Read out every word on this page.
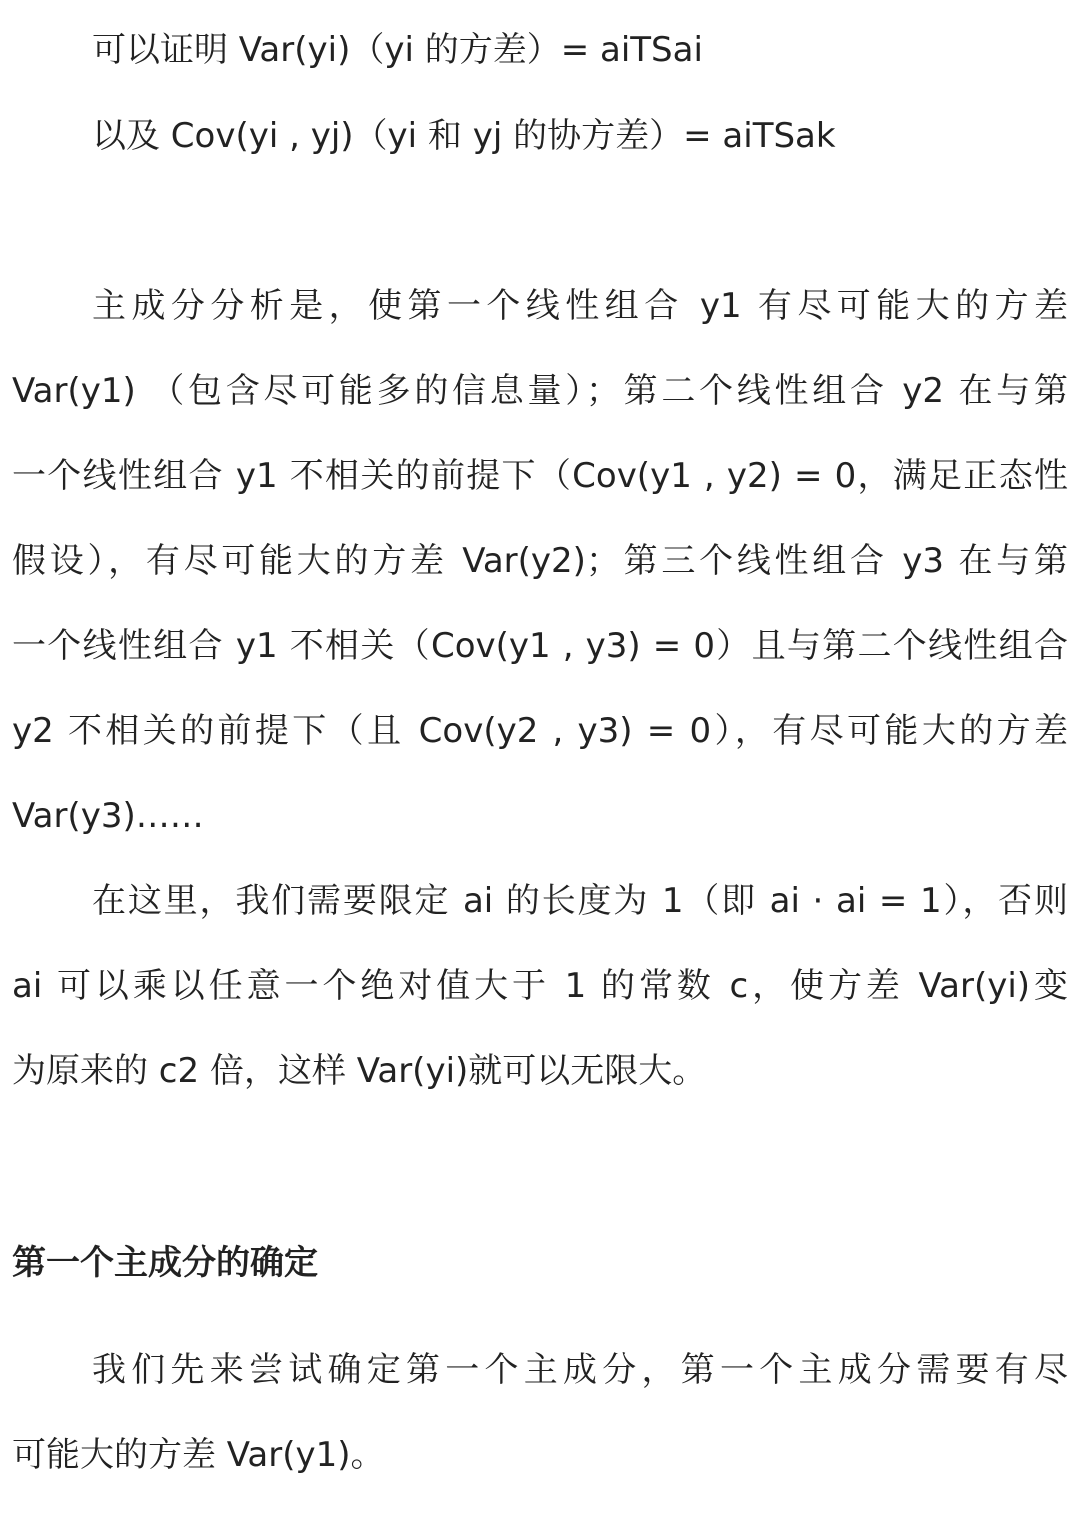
可以证明 Var(yi)（yi 的方差）= aiTSai
以及 Cov(yi , yj)（yi 和 yj 的协方差）= aiTSak
主成分分析是，使第一个线性组合 y1 有尽可能大的方差
Var(y1) （包含尽可能多的信息量）；第二个线性组合 y2 在与第
一个线性组合 y1 不相关的前提下（Cov(y1 , y2) = 0，满足正态性
假设），有尽可能大的方差 Var(y2)；第三个线性组合 y3 在与第
一个线性组合 y1 不相关（Cov(y1 , y3) = 0）且与第二个线性组合
y2 不相关的前提下（且 Cov(y2 , y3) = 0），有尽可能大的方差
Var(y3)……
在这里，我们需要限定 ai 的长度为 1（即 ai · ai = 1），否则
ai 可以乘以任意一个绝对值大于 1 的常数 c，使方差 Var(yi)变
为原来的 c2 倍，这样 Var(yi)就可以无限大。
第一个主成分的确定
我们先来尝试确定第一个主成分，第一个主成分需要有尽
可能大的方差 Var(y1)。
